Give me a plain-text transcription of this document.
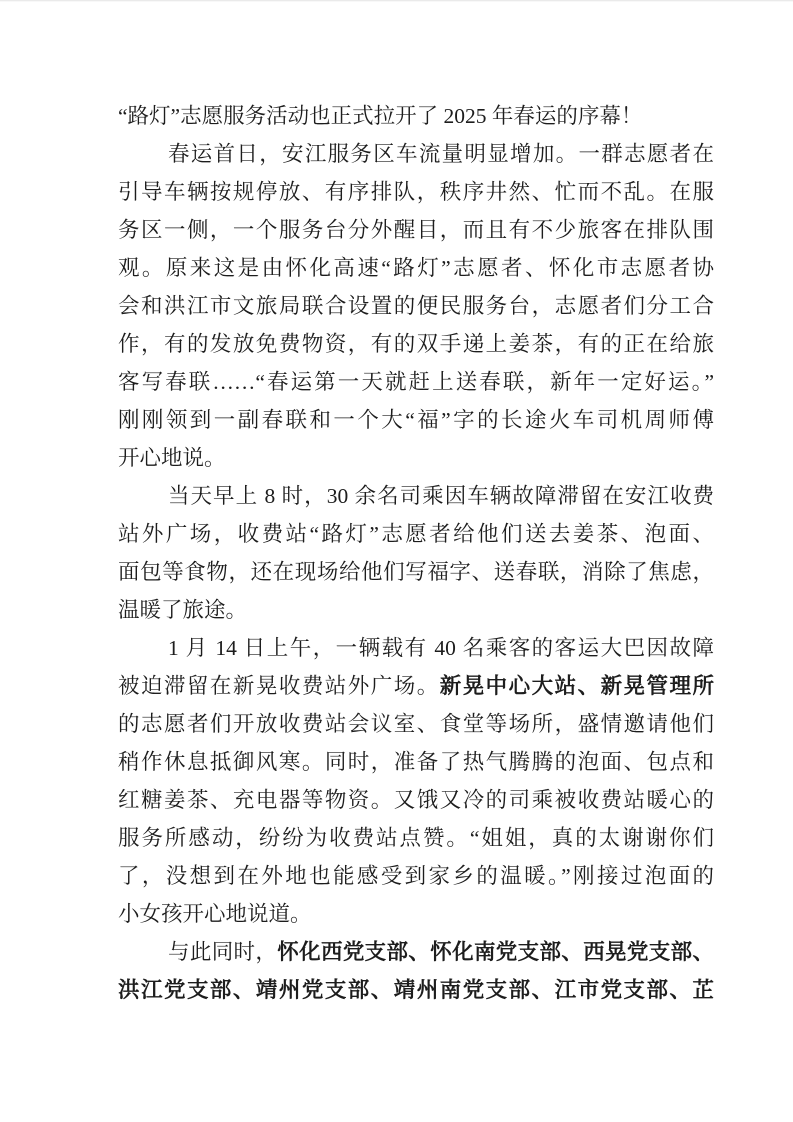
“路灯”志愿服务活动也正式拉开了 2025 年春运的序幕！
春运首日，安江服务区车流量明显增加。一群志愿者在
引导车辆按规停放、有序排队，秩序井然、忙而不乱。在服
务区一侧，一个服务台分外醒目，而且有不少旅客在排队围
观。原来这是由怀化高速“路灯”志愿者、怀化市志愿者协
会和洪江市文旅局联合设置的便民服务台，志愿者们分工合
作，有的发放免费物资，有的双手递上姜茶，有的正在给旅
客写春联……“春运第一天就赶上送春联，新年一定好运。”
刚刚领到一副春联和一个大“福”字的长途火车司机周师傅
开心地说。
当天早上 8 时，30 余名司乘因车辆故障滞留在安江收费
站外广场，收费站“路灯”志愿者给他们送去姜茶、泡面、
面包等食物，还在现场给他们写福字、送春联，消除了焦虑，
温暖了旅途。
1 月 14 日上午，一辆载有 40 名乘客的客运大巴因故障
被迫滞留在新晃收费站外广场。新晃中心大站、新晃管理所
的志愿者们开放收费站会议室、食堂等场所，盛情邀请他们
稍作休息抵御风寒。同时，准备了热气腾腾的泡面、包点和
红糖姜茶、充电器等物资。又饿又冷的司乘被收费站暖心的
服务所感动，纷纷为收费站点赞。“姐姐，真的太谢谢你们
了，没想到在外地也能感受到家乡的温暖。”刚接过泡面的
小女孩开心地说道。
与此同时，怀化西党支部、怀化南党支部、西晃党支部、
洪江党支部、靖州党支部、靖州南党支部、江市党支部、芷
